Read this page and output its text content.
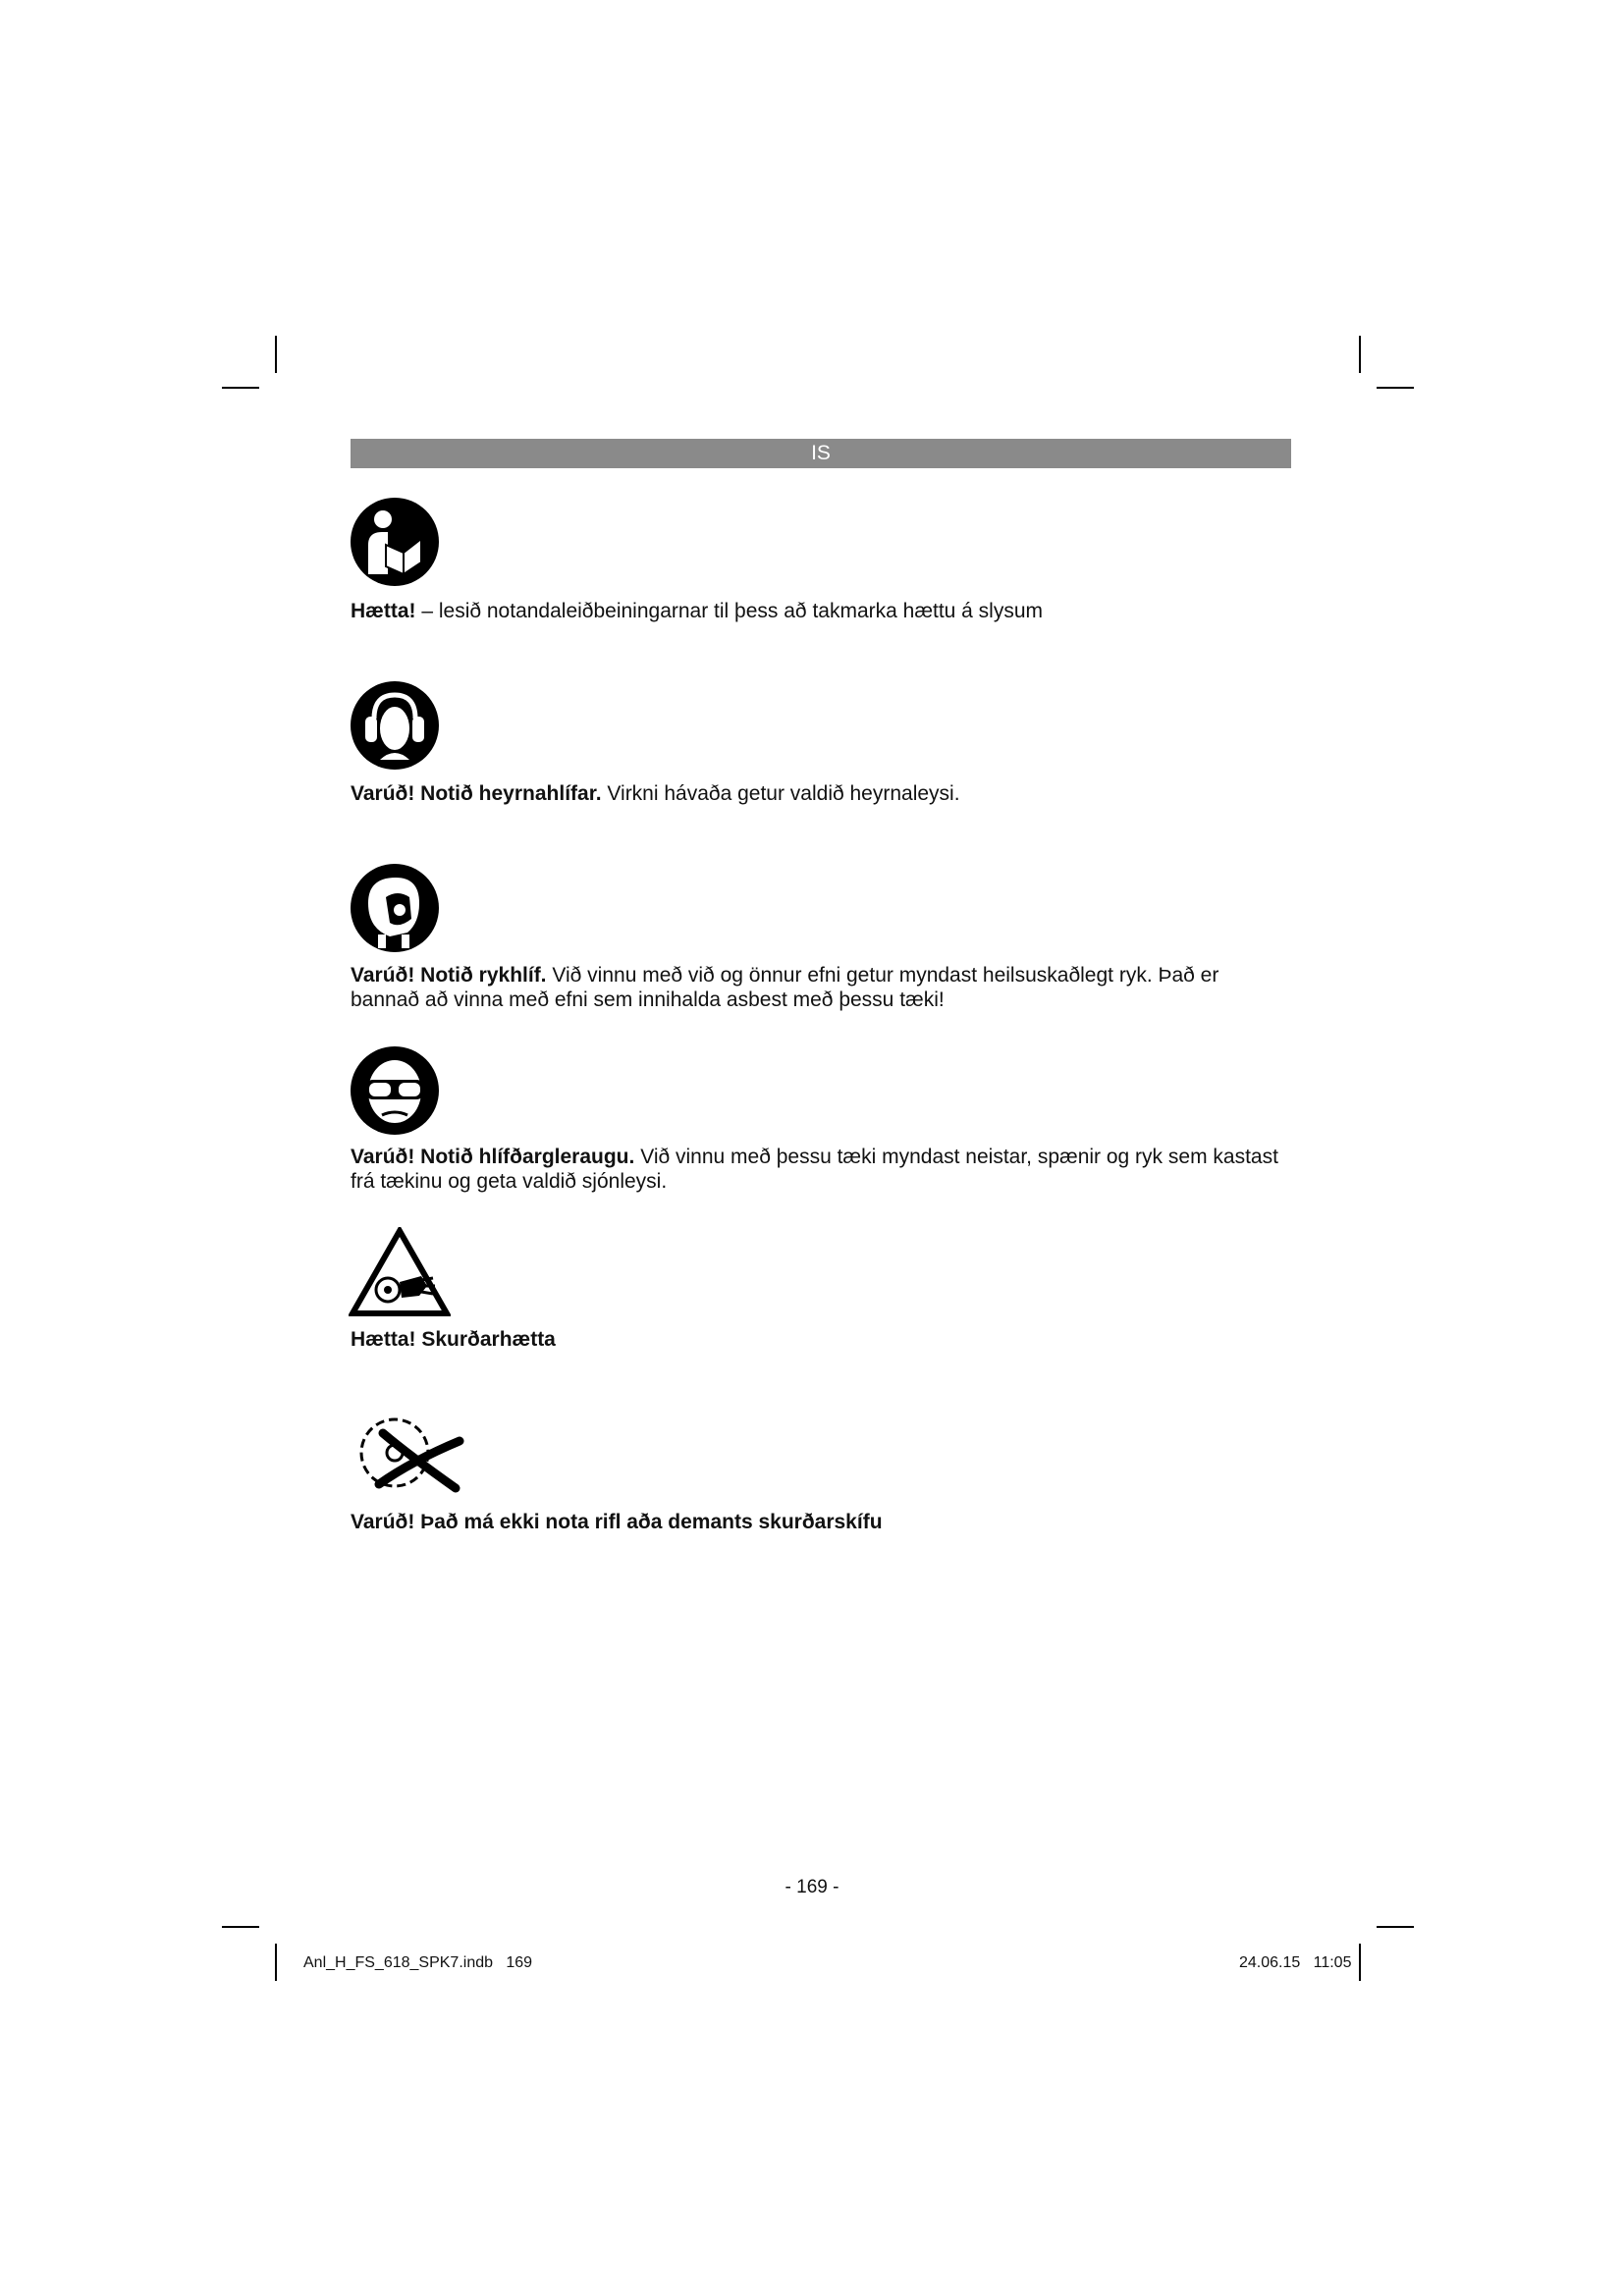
IS
Hætta! – lesið notandaleiðbeiningarnar til þess að takmarka hættu á slysum
Varúð! Notið heyrnahlífar. Virkni hávaða getur valdið heyrnaleysi.
Varúð! Notið rykhlíf. Við vinnu með við og önnur efni getur myndast heilsuskaðlegt ryk. Það er bannað að vinna með efni sem innihalda asbest með þessu tæki!
Varúð! Notið hlífðargleraugu. Við vinnu með þessu tæki myndast neistar, spænir og ryk sem kastast frá tækinu og geta valdið sjónleysi.
Hætta! Skurðarhætta
Varúð! Það má ekki nota rifl aða demants skurðarskífu
- 169 -
Anl_H_FS_618_SPK7.indb   169	24.06.15   11:05
